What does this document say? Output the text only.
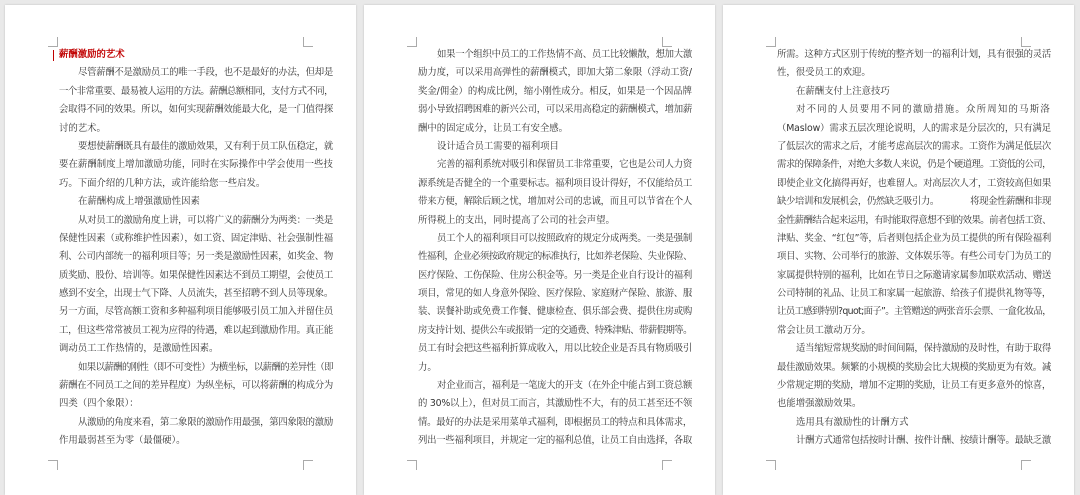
薪酬激励的艺术
尽管薪酬不是激励员工的唯一手段，也不是最好的办法，但却是
一个非常重要、最易被人运用的方法。薪酬总额相同，支付方式不同，
会取得不同的效果。所以，如何实现薪酬效能最大化，是一门值得探
讨的艺术。
要想使薪酬既具有最佳的激励效果，又有利于员工队伍稳定，就
要在薪酬制度上增加激励功能，同时在实际操作中学会使用一些技
巧。下面介绍的几种方法，或许能给您一些启发。
在薪酬构成上增强激励性因素
从对员工的激励角度上讲，可以将广义的薪酬分为两类：一类是
保健性因素（或称维护性因素），如工资、固定津贴、社会强制性福
利、公司内部统一的福利项目等；另一类是激励性因素，如奖金、物
质奖励、股份、培训等。如果保健性因素达不到员工期望，会使员工
感到不安全，出现士气下降、人员流失，甚至招聘不到人员等现象。
另一方面，尽管高额工资和多种福利项目能够吸引员工加入并留住员
工，但这些常常被员工视为应得的待遇，难以起到激励作用。真正能
调动员工工作热情的，是激励性因素。
如果以薪酬的刚性（即不可变性）为横坐标，以薪酬的差异性（即
薪酬在不同员工之间的差异程度）为纵坐标，可以将薪酬的构成分为
四类（四个象限）：
从激励的角度来看，第二象限的激励作用最强，第四象限的激励
作用最弱甚至为零（最僵硬）。
如果一个组织中员工的工作热情不高、员工比较懒散，想加大激
励力度，可以采用高弹性的薪酬模式，即加大第二象限（浮动工资/
奖金/佣金）的构成比例，缩小刚性成分。相反，如果是一个因品牌
弱小导致招聘困难的新兴公司，可以采用高稳定的薪酬模式，增加薪
酬中的固定成分，让员工有安全感。
设计适合员工需要的福利项目
完善的福利系统对吸引和保留员工非常重要，它也是公司人力资
源系统是否健全的一个重要标志。福利项目设计得好，不仅能给员工
带来方便，解除后顾之忧，增加对公司的忠诚，而且可以节省在个人
所得税上的支出，同时提高了公司的社会声望。
员工个人的福利项目可以按照政府的规定分成两类。一类是强制
性福利，企业必须按政府规定的标准执行，比如养老保险、失业保险、
医疗保险、工伤保险、住房公积金等。另一类是企业自行设计的福利
项目，常见的如人身意外保险、医疗保险、家庭财产保险、旅游、服
装、误餐补助或免费工作餐、健康检查、俱乐部会费、提供住房或购
房支持计划、提供公车或报销一定的交通费、特殊津贴、带薪假期等。
员工有时会把这些福利折算成收入，用以比较企业是否具有物质吸引
力。
对企业而言，福利是一笔庞大的开支（在外企中能占到工资总额
的 30%以上），但对员工而言，其激励性不大，有的员工甚至还不领
情。最好的办法是采用菜单式福利，即根据员工的特点和具体需求，
列出一些福利项目，并规定一定的福利总值，让员工自由选择，各取
所需。这种方式区别于传统的整齐划一的福利计划，具有很强的灵活
性，很受员工的欢迎。
在薪酬支付上注意技巧
对不同的人员要用不同的激励措施。众所周知的马斯洛
（Maslow）需求五层次理论说明，人的需求是分层次的，只有满足
了低层次的需求之后，才能考虑高层次的需求。工资作为满足低层次
需求的保障条件，对绝大多数人来说，仍是个硬道理。工资低的公司，
即使企业文化搞得再好，也难留人。对高层次人才，工资较高但如果
缺少培训和发展机会，仍然缺乏吸引力。　　　　将现金性薪酬和非现
金性薪酬结合起来运用，有时能取得意想不到的效果。前者包括工资、
津贴、奖金、“红包”等，后者则包括企业为员工提供的所有保险福利
项目、实物、公司举行的旅游、文体娱乐等。有些公司专门为员工的
家属提供特别的福利，比如在节日之际邀请家属参加联欢活动、赠送
公司特制的礼品、让员工和家属一起旅游、给孩子们提供礼物等等，
让员工感到特别?quot;面子”。主管赠送的两张音乐会票、一盒化妆品，
常会让员工激动万分。
适当缩短常规奖励的时间间隔，保持激励的及时性，有助于取得
最佳激励效果。频繁的小规模的奖励会比大规模的奖励更为有效。减
少常规定期的奖励，增加不定期的奖励，让员工有更多意外的惊喜，
也能增强激励效果。
选用具有激励性的计酬方式
计酬方式通常包括按时计酬、按件计酬、按绩计酬等。最缺乏激
